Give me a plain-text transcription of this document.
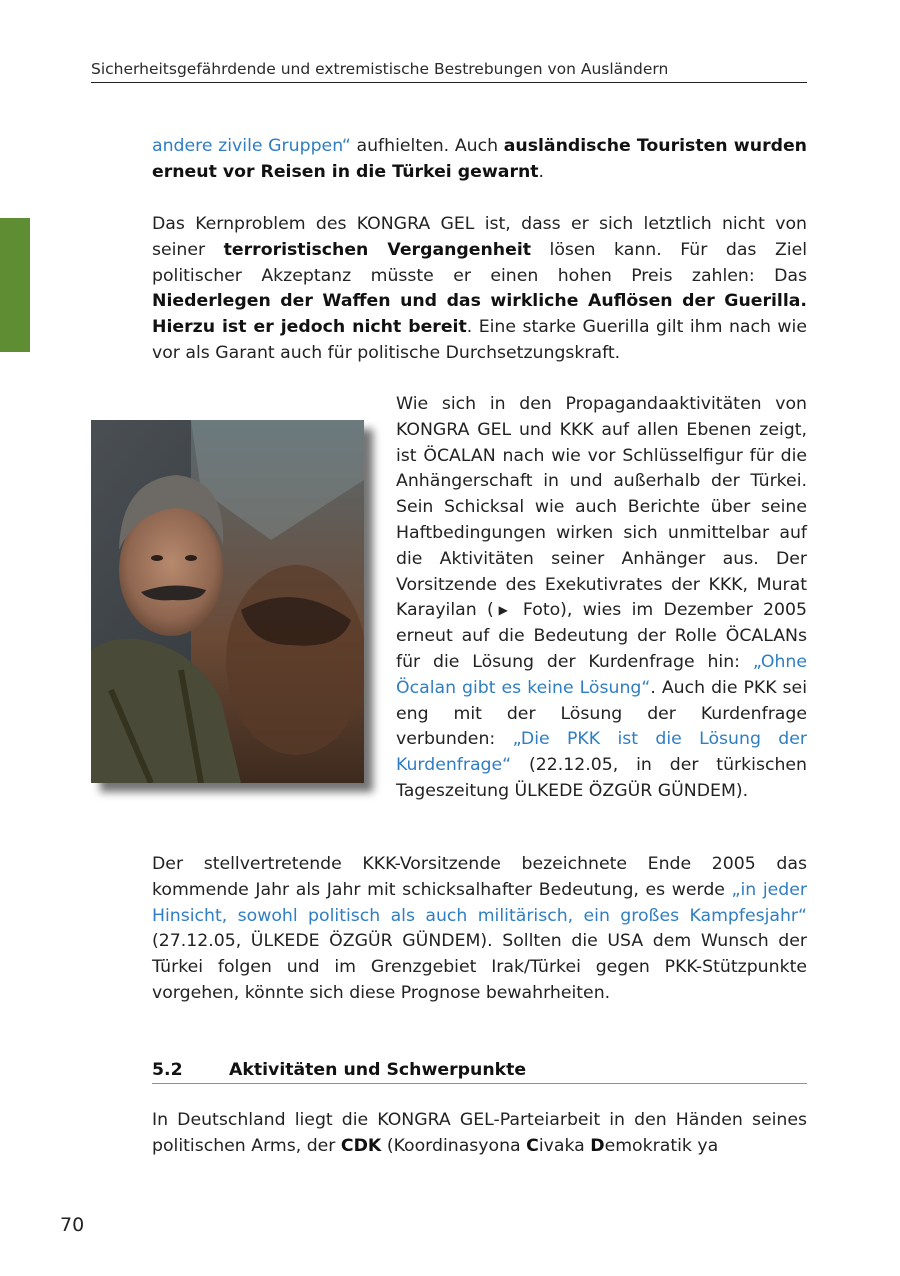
Sicherheitsgefährdende und extremistische Bestrebungen von Ausländern

andere zivile Gruppen“ aufhielten. Auch ausländische Touristen wurden erneut vor Reisen in die Türkei gewarnt.

Das Kernproblem des KONGRA GEL ist, dass er sich letztlich nicht von seiner terroristischen Vergangenheit lösen kann. Für das Ziel politischer Akzeptanz müsste er einen hohen Preis zahlen: Das Niederlegen der Waffen und das wirkliche Auflösen der Guerilla. Hierzu ist er jedoch nicht bereit. Eine starke Guerilla gilt ihm nach wie vor als Garant auch für politische Durchsetzungskraft.

Wie sich in den Propagandaaktivitäten von KONGRA GEL und KKK auf allen Ebenen zeigt, ist ÖCALAN nach wie vor Schlüsselfigur für die Anhängerschaft in und außerhalb der Türkei. Sein Schicksal wie auch Berichte über seine Haftbedingungen wirken sich unmittelbar auf die Aktivitäten seiner Anhänger aus. Der Vorsitzende des Exekutivrates der KKK, Murat Karayilan (▶ Foto), wies im Dezember 2005 erneut auf die Bedeutung der Rolle ÖCALANs für die Lösung der Kurdenfrage hin: „Ohne Öcalan gibt es keine Lösung“. Auch die PKK sei eng mit der Lösung der Kurdenfrage verbunden: „Die PKK ist die Lösung der Kurdenfrage“ (22.12.05, in der türkischen Tageszeitung ÜLKEDE ÖZGÜR GÜNDEM).

Der stellvertretende KKK-Vorsitzende bezeichnete Ende 2005 das kommende Jahr als Jahr mit schicksalhafter Bedeutung, es werde „in jeder Hinsicht, sowohl politisch als auch militärisch, ein großes Kampfesjahr“ (27.12.05, ÜLKEDE ÖZGÜR GÜNDEM). Sollten die USA dem Wunsch der Türkei folgen und im Grenzgebiet Irak/Türkei gegen PKK-Stützpunkte vorgehen, könnte sich diese Prognose bewahrheiten.

5.2	Aktivitäten und Schwerpunkte

In Deutschland liegt die KONGRA GEL-Parteiarbeit in den Händen seines politischen Arms, der CDK (Koordinasyona Civaka Demokratik ya

70
